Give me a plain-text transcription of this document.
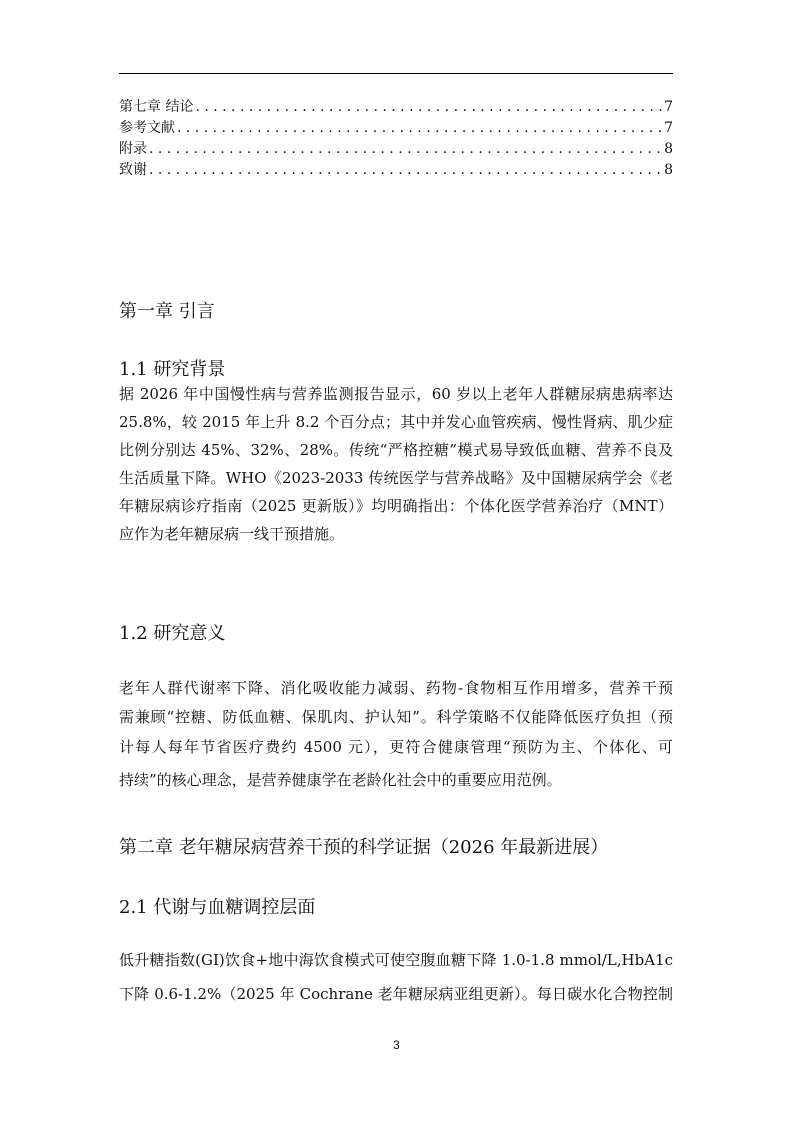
第七章 结论 . . .	7
参考文献 . . .	7
附录 . . .	8
致谢 . . .	8
第一章 引言
1.1 研究背景
据 2026 年中国慢性病与营养监测报告显示，60 岁以上老年人群糖尿病患病率达
25.8%，较 2015 年上升 8.2 个百分点；其中并发心血管疾病、慢性肾病、肌少症
比例分别达 45%、32%、28%。传统“严格控糖”模式易导致低血糖、营养不良及
生活质量下降。WHO《2023-2033 传统医学与营养战略》及中国糖尿病学会《老
年糖尿病诊疗指南（2025 更新版）》均明确指出：个体化医学营养治疗（MNT）
应作为老年糖尿病一线干预措施。
1.2 研究意义
老年人群代谢率下降、消化吸收能力减弱、药物-食物相互作用增多，营养干预
需兼顾“控糖、防低血糖、保肌肉、护认知”。科学策略不仅能降低医疗负担（预
计每人每年节省医疗费约 4500 元），更符合健康管理“预防为主、个体化、可
持续”的核心理念，是营养健康学在老龄化社会中的重要应用范例。
第二章 老年糖尿病营养干预的科学证据（2026 年最新进展）
2.1 代谢与血糖调控层面
低升糖指数(GI)饮食+地中海饮食模式可使空腹血糖下降 1.0-1.8 mmol/L,HbA1c
下降 0.6-1.2%（2025 年 Cochrane 老年糖尿病亚组更新）。每日碳水化合物控制
3
